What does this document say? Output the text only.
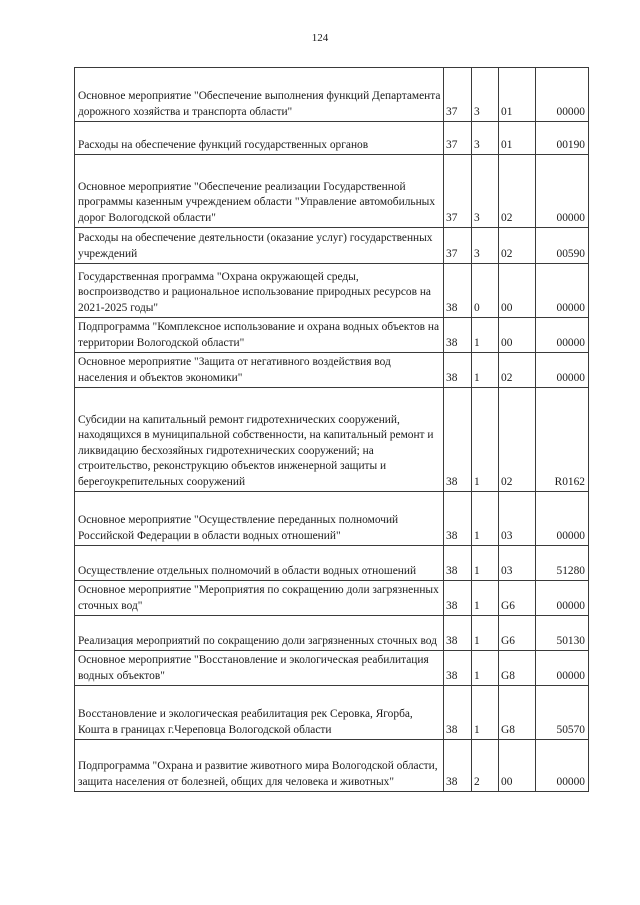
124
Основное мероприятие "Обеспечение выполнения функций Департамента дорожного хозяйства и транспорта области"	37	3	01	00000
Расходы на обеспечение функций государственных органов	37	3	01	00190
Основное мероприятие "Обеспечение реализации Государственной программы казенным учреждением области "Управление автомобильных дорог Вологодской области"	37	3	02	00000
Расходы на обеспечение деятельности (оказание услуг) государственных учреждений	37	3	02	00590
Государственная программа "Охрана окружающей среды, воспроизводство и рациональное использование природных ресурсов на 2021-2025 годы"	38	0	00	00000
Подпрограмма "Комплексное использование и охрана водных объектов на территории Вологодской области"	38	1	00	00000
Основное мероприятие "Защита от негативного воздействия вод населения и объектов экономики"	38	1	02	00000
Субсидии на капитальный ремонт гидротехнических сооружений, находящихся в муниципальной собственности, на капитальный ремонт и ликвидацию бесхозяйных гидротехнических сооружений; на строительство, реконструкцию объектов инженерной защиты и берегоукрепительных сооружений	38	1	02	R0162
Основное мероприятие "Осуществление переданных полномочий Российской Федерации в области водных отношений"	38	1	03	00000
Осуществление отдельных полномочий в области водных отношений	38	1	03	51280
Основное мероприятие "Мероприятия по сокращению доли загрязненных сточных вод"	38	1	G6	00000
Реализация мероприятий по сокращению доли загрязненных сточных вод	38	1	G6	50130
Основное мероприятие "Восстановление и экологическая реабилитация водных объектов"	38	1	G8	00000
Восстановление и экологическая реабилитация рек Серовка, Ягорба, Кошта в границах г.Череповца Вологодской области	38	1	G8	50570
Подпрограмма "Охрана и развитие животного мира Вологодской области, защита населения от болезней, общих для человека и животных"	38	2	00	00000
